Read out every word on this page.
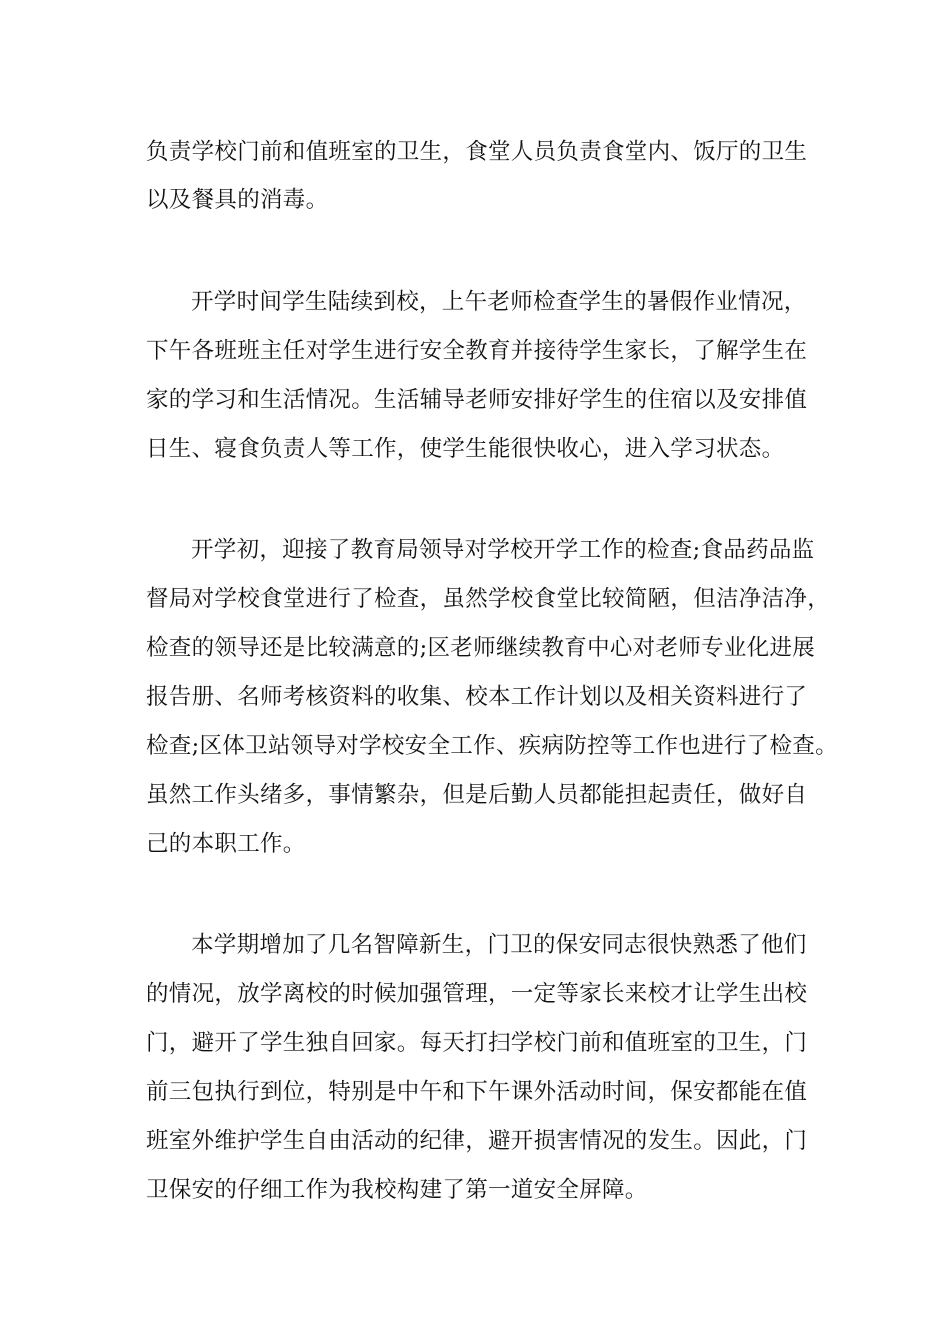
负责学校门前和值班室的卫生，食堂人员负责食堂内、饭厅的卫生
以及餐具的消毒。
开学时间学生陆续到校，上午老师检查学生的暑假作业情况，
下午各班班主任对学生进行安全教育并接待学生家长，了解学生在
家的学习和生活情况。生活辅导老师安排好学生的住宿以及安排值
日生、寝食负责人等工作，使学生能很快收心，进入学习状态。
开学初，迎接了教育局领导对学校开学工作的检查;食品药品监
督局对学校食堂进行了检查，虽然学校食堂比较简陋，但洁净洁净，
检查的领导还是比较满意的;区老师继续教育中心对老师专业化进展
报告册、名师考核资料的收集、校本工作计划以及相关资料进行了
检查;区体卫站领导对学校安全工作、疾病防控等工作也进行了检查。
虽然工作头绪多，事情繁杂，但是后勤人员都能担起责任，做好自
己的本职工作。
本学期增加了几名智障新生，门卫的保安同志很快熟悉了他们
的情况，放学离校的时候加强管理，一定等家长来校才让学生出校
门，避开了学生独自回家。每天打扫学校门前和值班室的卫生，门
前三包执行到位，特别是中午和下午课外活动时间，保安都能在值
班室外维护学生自由活动的纪律，避开损害情况的发生。因此，门
卫保安的仔细工作为我校构建了第一道安全屏障。
